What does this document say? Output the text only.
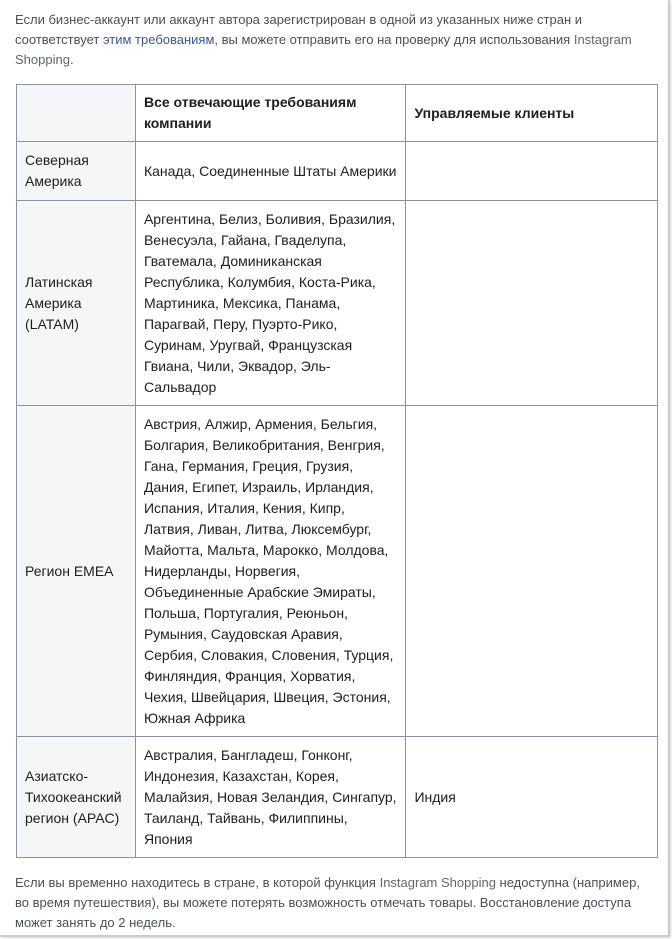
Если бизнес-аккаунт или аккаунт автора зарегистрирован в одной из указанных ниже стран и соответствует этим требованиям, вы можете отправить его на проверку для использования Instagram Shopping.

	Все отвечающие требованиям компании	Управляемые клиенты
Северная Америка	Канада, Соединенные Штаты Америки	
Латинская Америка (LATAM)	Аргентина, Белиз, Боливия, Бразилия, Венесуэла, Гайана, Гваделупа, Гватемала, Доминиканская Республика, Колумбия, Коста-Рика, Мартиника, Мексика, Панама, Парагвай, Перу, Пуэрто-Рико, Суринам, Уругвай, Французская Гвиана, Чили, Эквадор, Эль-Сальвадор	
Регион EMEA	Австрия, Алжир, Армения, Бельгия, Болгария, Великобритания, Венгрия, Гана, Германия, Греция, Грузия, Дания, Египет, Израиль, Ирландия, Испания, Италия, Кения, Кипр, Латвия, Ливан, Литва, Люксембург, Майотта, Мальта, Марокко, Молдова, Нидерланды, Норвегия, Объединенные Арабские Эмираты, Польша, Португалия, Реюньон, Румыния, Саудовская Аравия, Сербия, Словакия, Словения, Турция, Финляндия, Франция, Хорватия, Чехия, Швейцария, Швеция, Эстония, Южная Африка	
Азиатско-Тихоокеанский регион (APAC)	Австралия, Бангладеш, Гонконг, Индонезия, Казахстан, Корея, Малайзия, Новая Зеландия, Сингапур, Таиланд, Тайвань, Филиппины, Япония	Индия

Если вы временно находитесь в стране, в которой функция Instagram Shopping недоступна (например, во время путешествия), вы можете потерять возможность отмечать товары. Восстановление доступа может занять до 2 недель.
